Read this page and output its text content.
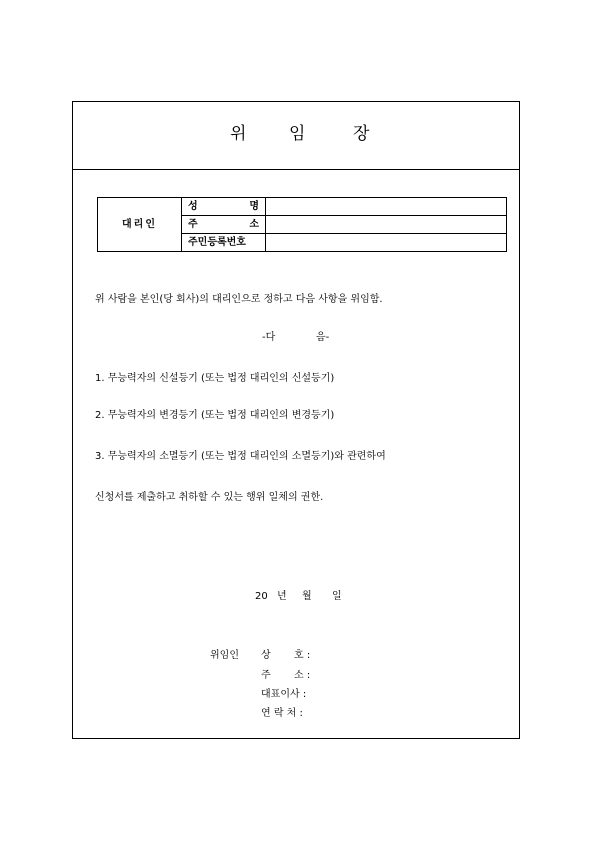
위	임	장
대리인	성 명	

	주 소	

	주민등록번호	
위 사람을 본인(당 회사)의 대리인으로 정하고 다음 사항을 위임함.
-다	음-
1. 무능력자의 신설등기 (또는 법정 대리인의 신설등기)
2. 무능력자의 변경등기 (또는 법정 대리인의 변경등기)
3. 무능력자의 소멸등기 (또는 법정 대리인의 소멸등기)와 관련하여
신청서를 제출하고 취하할 수 있는 행위 일체의 권한.
20 년 월 일
위임인 상 호 :
주 소 :
대표이사 :
연 락 처 :
